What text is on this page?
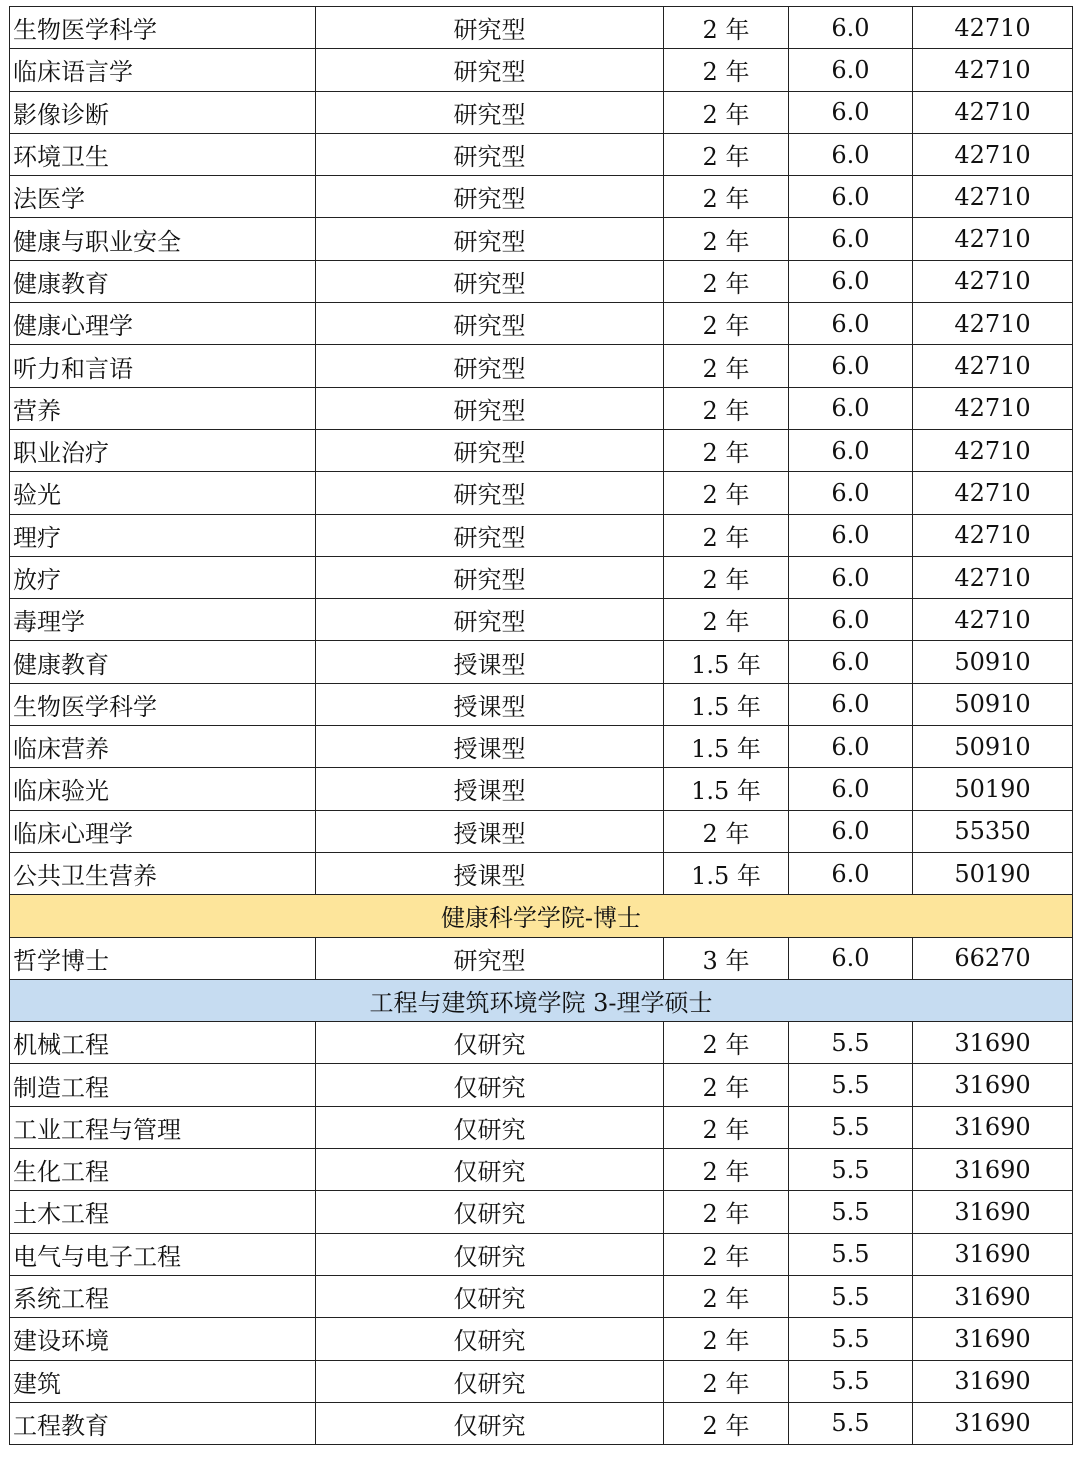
生物医学科学	研究型	2 年	6.0	42710
临床语言学	研究型	2 年	6.0	42710
影像诊断	研究型	2 年	6.0	42710
环境卫生	研究型	2 年	6.0	42710
法医学	研究型	2 年	6.0	42710
健康与职业安全	研究型	2 年	6.0	42710
健康教育	研究型	2 年	6.0	42710
健康心理学	研究型	2 年	6.0	42710
听力和言语	研究型	2 年	6.0	42710
营养	研究型	2 年	6.0	42710
职业治疗	研究型	2 年	6.0	42710
验光	研究型	2 年	6.0	42710
理疗	研究型	2 年	6.0	42710
放疗	研究型	2 年	6.0	42710
毒理学	研究型	2 年	6.0	42710
健康教育	授课型	1.5 年	6.0	50910
生物医学科学	授课型	1.5 年	6.0	50910
临床营养	授课型	1.5 年	6.0	50910
临床验光	授课型	1.5 年	6.0	50190
临床心理学	授课型	2 年	6.0	55350
公共卫生营养	授课型	1.5 年	6.0	50190
健康科学学院-博士				
哲学博士	研究型	3 年	6.0	66270
工程与建筑环境学院 3-理学硕士				
机械工程	仅研究	2 年	5.5	31690
制造工程	仅研究	2 年	5.5	31690
工业工程与管理	仅研究	2 年	5.5	31690
生化工程	仅研究	2 年	5.5	31690
土木工程	仅研究	2 年	5.5	31690
电气与电子工程	仅研究	2 年	5.5	31690
系统工程	仅研究	2 年	5.5	31690
建设环境	仅研究	2 年	5.5	31690
建筑	仅研究	2 年	5.5	31690
工程教育	仅研究	2 年	5.5	31690
